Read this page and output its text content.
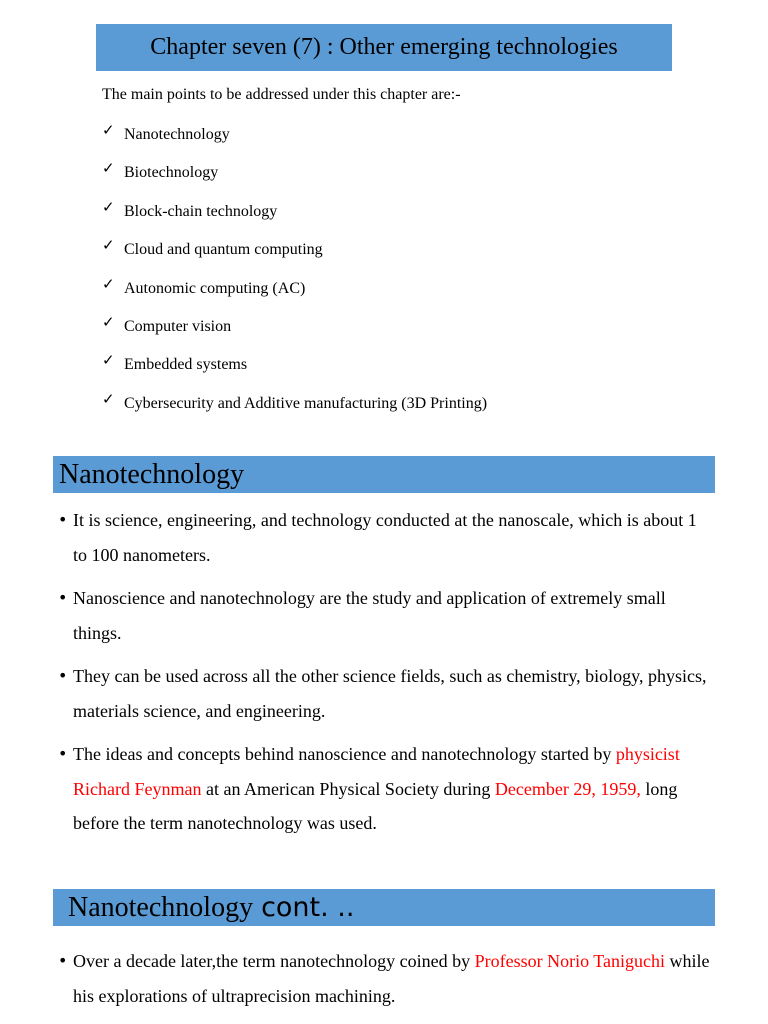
Chapter seven (7) : Other emerging technologies
The main points to be addressed under this chapter are:-
✓ Nanotechnology
✓ Biotechnology
✓ Block-chain technology
✓ Cloud and quantum computing
✓ Autonomic computing (AC)
✓ Computer vision
✓ Embedded systems
✓ Cybersecurity and Additive manufacturing (3D Printing)
Nanotechnology
• It is science, engineering, and technology conducted at the nanoscale, which is about 1 to 100 nanometers.
• Nanoscience and nanotechnology are the study and application of extremely small things.
• They can be used across all the other science fields, such as chemistry, biology, physics, materials science, and engineering.
• The ideas and concepts behind nanoscience and nanotechnology started by physicist Richard Feynman at an American Physical Society during December 29, 1959, long before the term nanotechnology was used.
Nanotechnology cont. ..
• Over a decade later,the term nanotechnology coined by Professor Norio Taniguchi while his explorations of ultraprecision machining.
